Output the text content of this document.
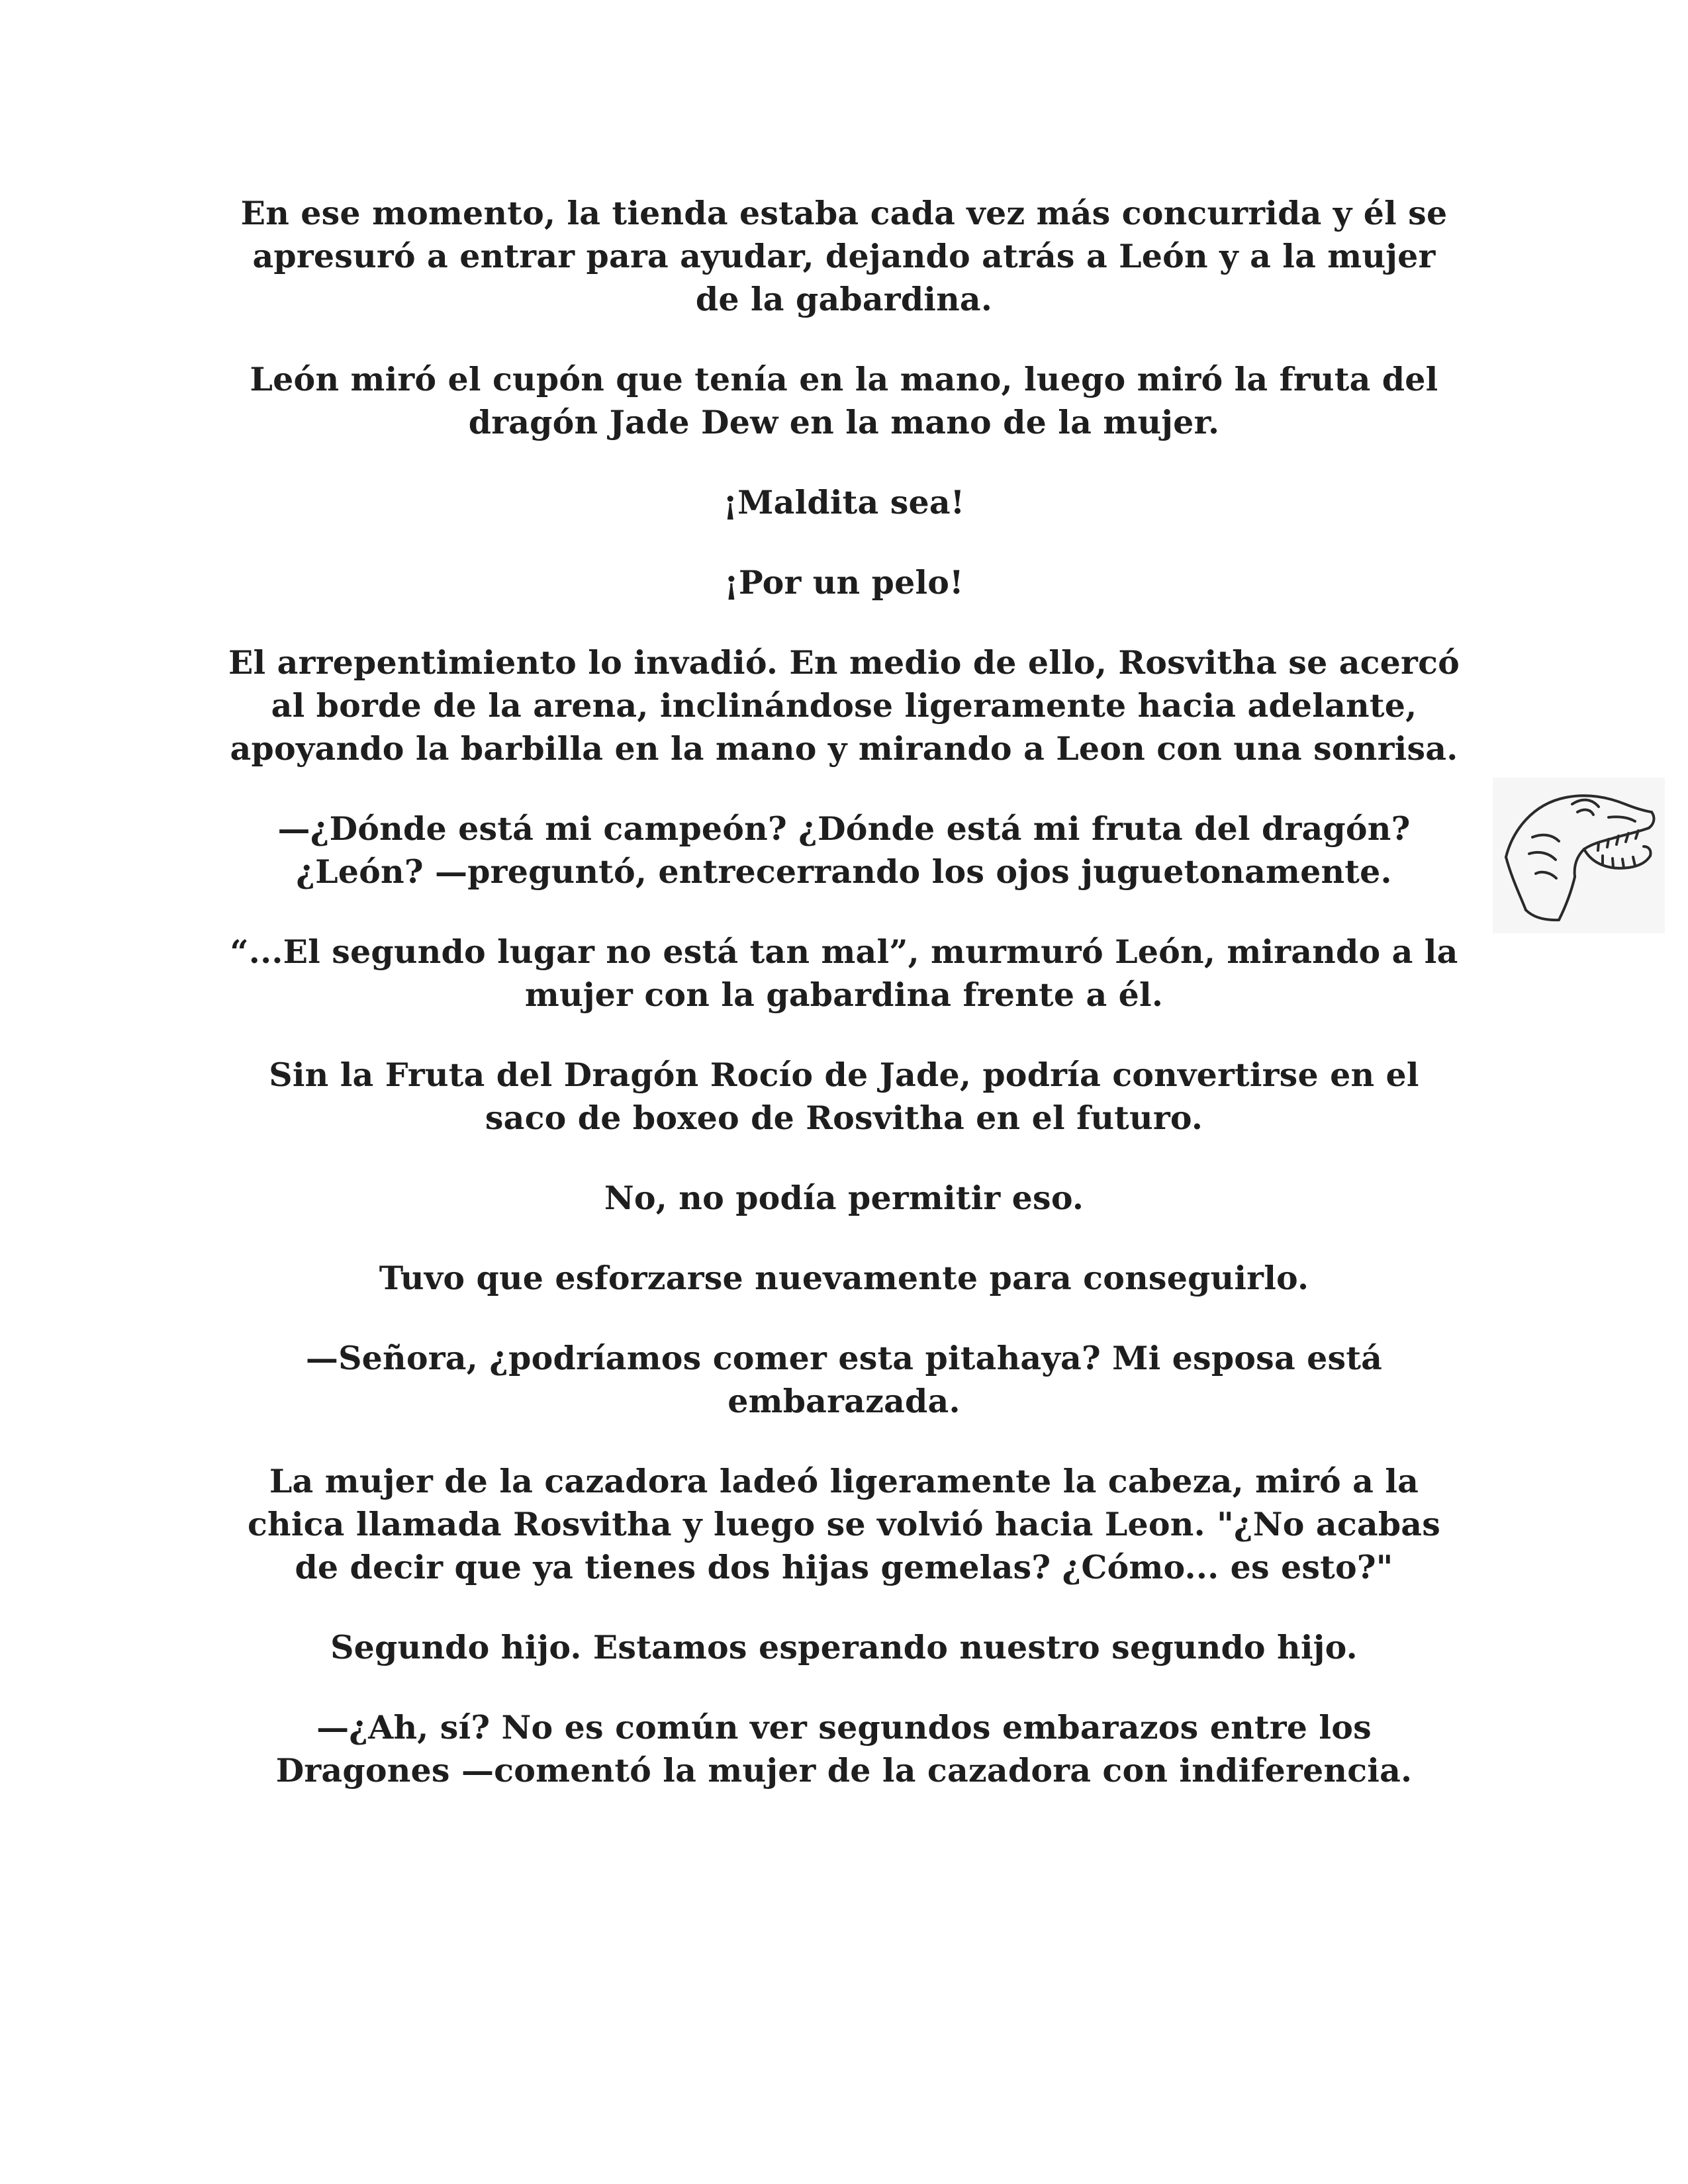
En ese momento, la tienda estaba cada vez más concurrida y él se apresuró a entrar para ayudar, dejando atrás a León y a la mujer de la gabardina.

León miró el cupón que tenía en la mano, luego miró la fruta del dragón Jade Dew en la mano de la mujer.

¡Maldita sea!

¡Por un pelo!

El arrepentimiento lo invadió. En medio de ello, Rosvitha se acercó al borde de la arena, inclinándose ligeramente hacia adelante, apoyando la barbilla en la mano y mirando a Leon con una sonrisa.

—¿Dónde está mi campeón? ¿Dónde está mi fruta del dragón? ¿León? —preguntó, entrecerrando los ojos juguetonamente.

“...El segundo lugar no está tan mal”, murmuró León, mirando a la mujer con la gabardina frente a él.

Sin la Fruta del Dragón Rocío de Jade, podría convertirse en el saco de boxeo de Rosvitha en el futuro.

No, no podía permitir eso.

Tuvo que esforzarse nuevamente para conseguirlo.

—Señora, ¿podríamos comer esta pitahaya? Mi esposa está embarazada.

La mujer de la cazadora ladeó ligeramente la cabeza, miró a la chica llamada Rosvitha y luego se volvió hacia Leon. "¿No acabas de decir que ya tienes dos hijas gemelas? ¿Cómo... es esto?"

Segundo hijo. Estamos esperando nuestro segundo hijo.

—¿Ah, sí? No es común ver segundos embarazos entre los Dragones —comentó la mujer de la cazadora con indiferencia.
